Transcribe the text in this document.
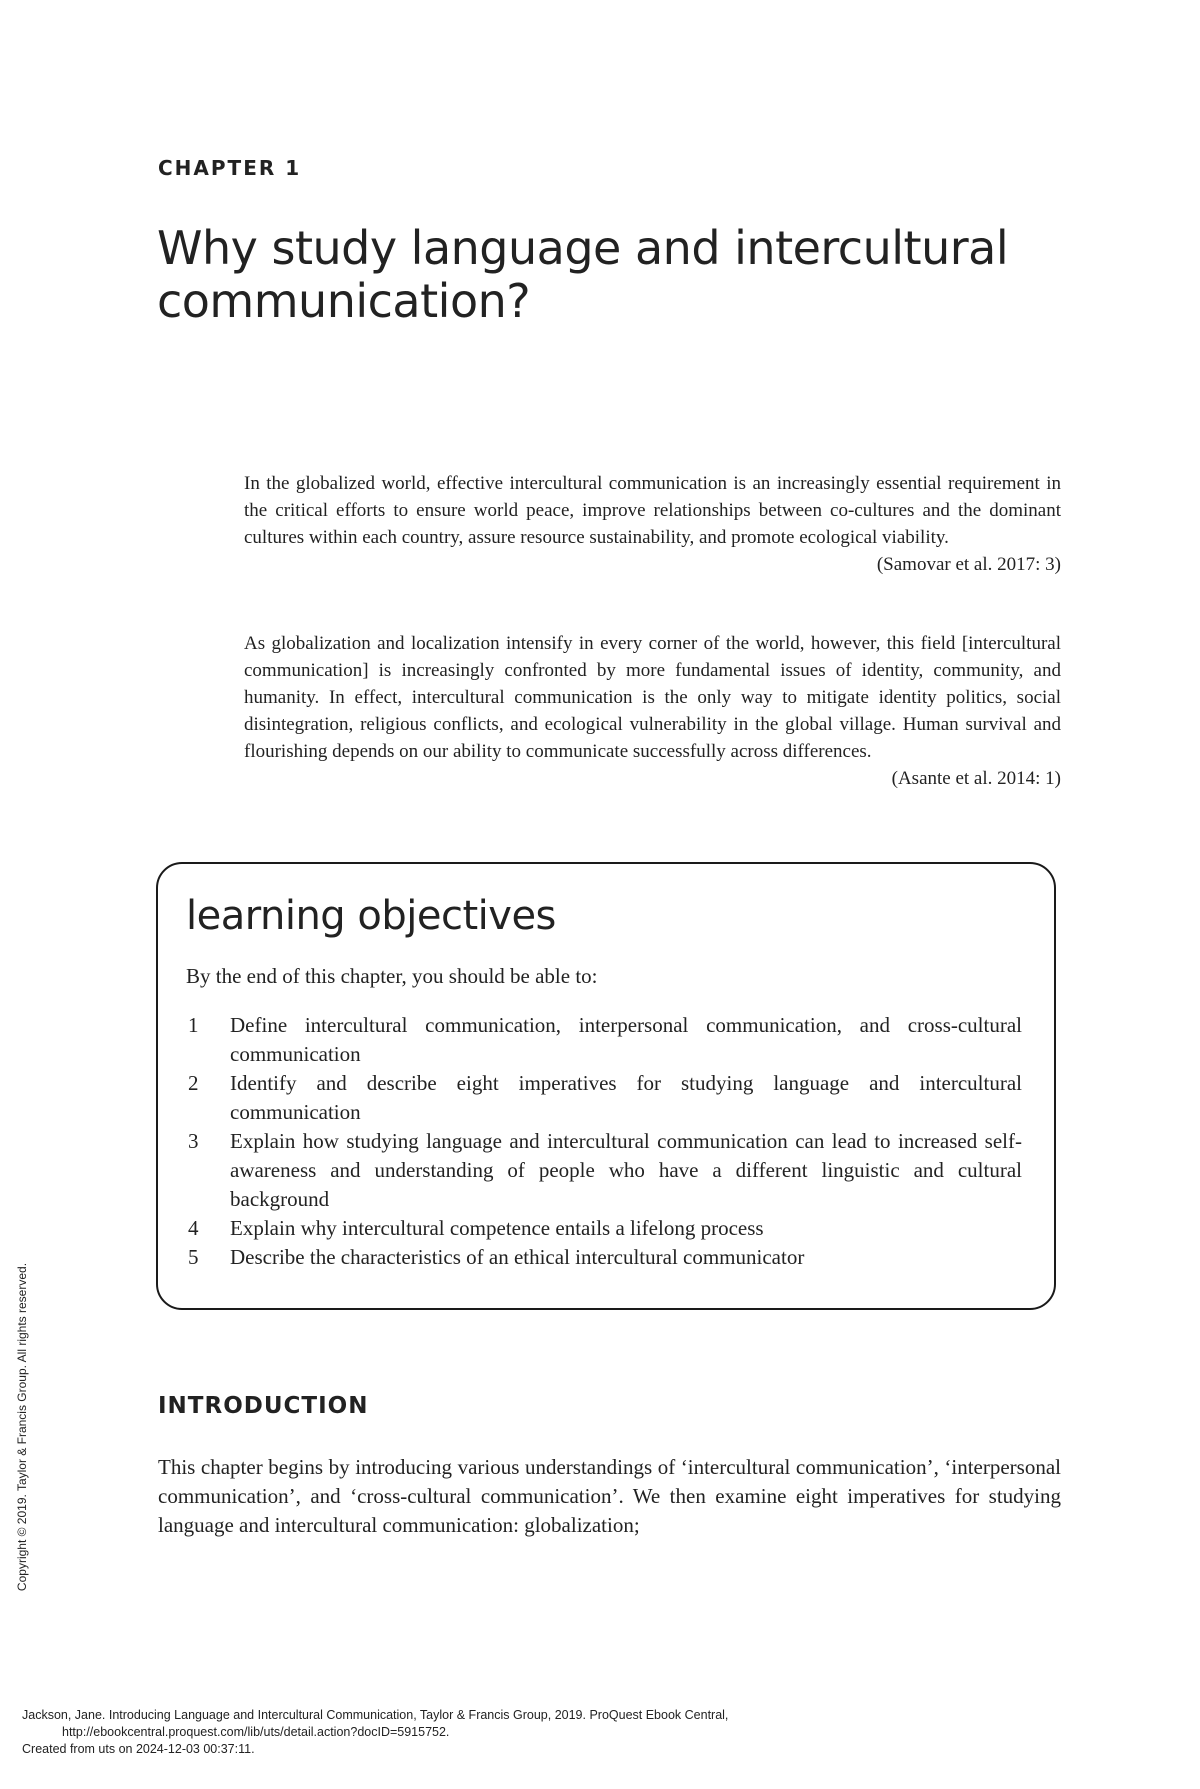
CHAPTER 1
Why study language and intercultural communication?

In the globalized world, effective intercultural communication is an increasingly essential requirement in the critical efforts to ensure world peace, improve relationships between co-cultures and the dominant cultures within each country, assure resource sustainability, and promote ecological viability.

(Samovar et al. 2017: 3)

As globalization and localization intensify in every corner of the world, however, this field [intercultural communication] is increasingly confronted by more fundamental issues of identity, community, and humanity. In effect, intercultural communication is the only way to mitigate identity politics, social disintegration, religious conflicts, and ecological vulnerability in the global village. Human survival and flourishing depends on our ability to communicate successfully across differences.

(Asante et al. 2014: 1)

learning objectives

By the end of this chapter, you should be able to:

1	Define intercultural communication, interpersonal communication, and cross-cultural communication
2	Identify and describe eight imperatives for studying language and intercultural communication
3	Explain how studying language and intercultural communication can lead to increased self-awareness and understanding of people who have a different linguistic and cultural background
4	Explain why intercultural competence entails a lifelong process
5	Describe the characteristics of an ethical intercultural communicator
INTRODUCTION

This chapter begins by introducing various understandings of ‘intercultural communication’, ‘interpersonal communication’, and ‘cross-cultural communication’. We then examine eight imperatives for studying language and intercultural communication: globalization;

Copyright © 2019. Taylor & Francis Group. All rights reserved.
Jackson, Jane. Introducing Language and Intercultural Communication, Taylor & Francis Group, 2019. ProQuest Ebook Central,
http://ebookcentral.proquest.com/lib/uts/detail.action?docID=5915752.
Created from uts on 2024-12-03 00:37:11.
